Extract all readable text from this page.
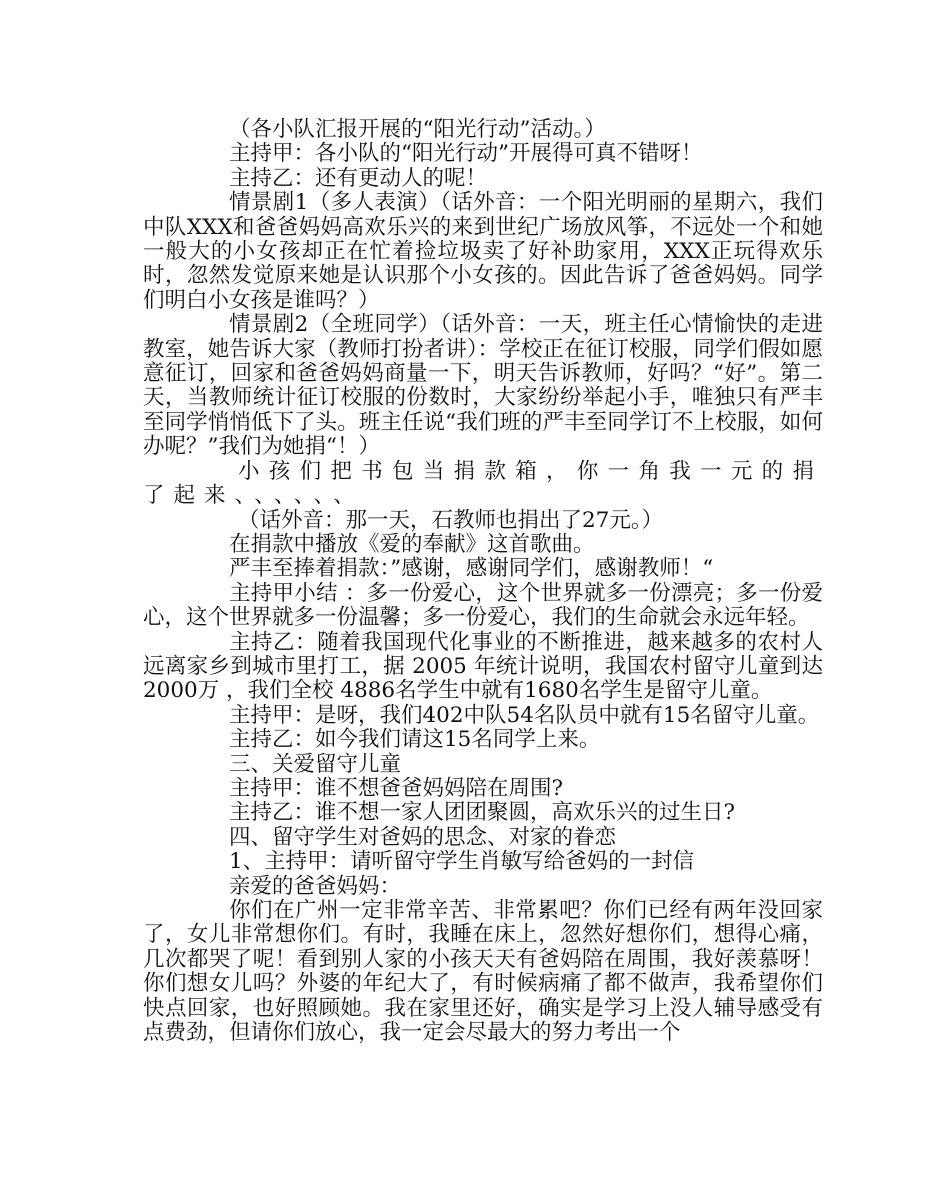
（各小队汇报开展的“阳光行动”活动。）

主持甲：各小队的“阳光行动”开展得可真不错呀！

主持乙：还有更动人的呢！

情景剧1（多人表演）（话外音：一个阳光明丽的星期六，我们中队XXX和爸爸妈妈高欢乐兴的来到世纪广场放风筝，不远处一个和她一般大的小女孩却正在忙着捡垃圾卖了好补助家用，XXX正玩得欢乐时，忽然发觉原来她是认识那个小女孩的。因此告诉了爸爸妈妈。同学们明白小女孩是谁吗？）

情景剧2（全班同学）（话外音：一天，班主任心情愉快的走进教室，她告诉大家（教师打扮者讲）：学校正在征订校服，同学们假如愿意征订，回家和爸爸妈妈商量一下，明天告诉教师，好吗？“好”。第二天，当教师统计征订校服的份数时，大家纷纷举起小手，唯独只有严丰至同学悄悄低下了头。班主任说“我们班的严丰至同学订不上校服，如何办呢？”我们为她捐“！）

小孩们把书包当捐款箱，你一角我一元的捐了起来、、、、、、

（话外音：那一天，石教师也捐出了27元。）

在捐款中播放《爱的奉献》这首歌曲。

严丰至捧着捐款：”感谢，感谢同学们，感谢教师！“

主持甲小结 ：多一份爱心，这个世界就多一份漂亮；多一份爱心，这个世界就多一份温馨；多一份爱心，我们的生命就会永远年轻。

主持乙：随着我国现代化事业的不断推进，越来越多的农村人远离家乡到城市里打工，据 2005 年统计说明，我国农村留守儿童到达 2000万 ，我们全校 4886名学生中就有1680名学生是留守儿童。

主持甲：是呀，我们402中队54名队员中就有15名留守儿童。

主持乙：如今我们请这15名同学上来。

三、关爱留守儿童

主持甲：谁不想爸爸妈妈陪在周围?

主持乙：谁不想一家人团团聚圆，高欢乐兴的过生日?

四、留守学生对爸妈的思念、对家的眷恋

1、主持甲：请听留守学生肖敏写给爸妈的一封信

亲爱的爸爸妈妈：

你们在广州一定非常辛苦、非常累吧？你们已经有两年没回家了，女儿非常想你们。有时，我睡在床上，忽然好想你们，想得心痛，几次都哭了呢！看到别人家的小孩天天有爸妈陪在周围，我好羡慕呀！你们想女儿吗？外婆的年纪大了，有时候病痛了都不做声，我希望你们快点回家，也好照顾她。我在家里还好，确实是学习上没人辅导感受有点费劲，但请你们放心，我一定会尽最大的努力考出一个
